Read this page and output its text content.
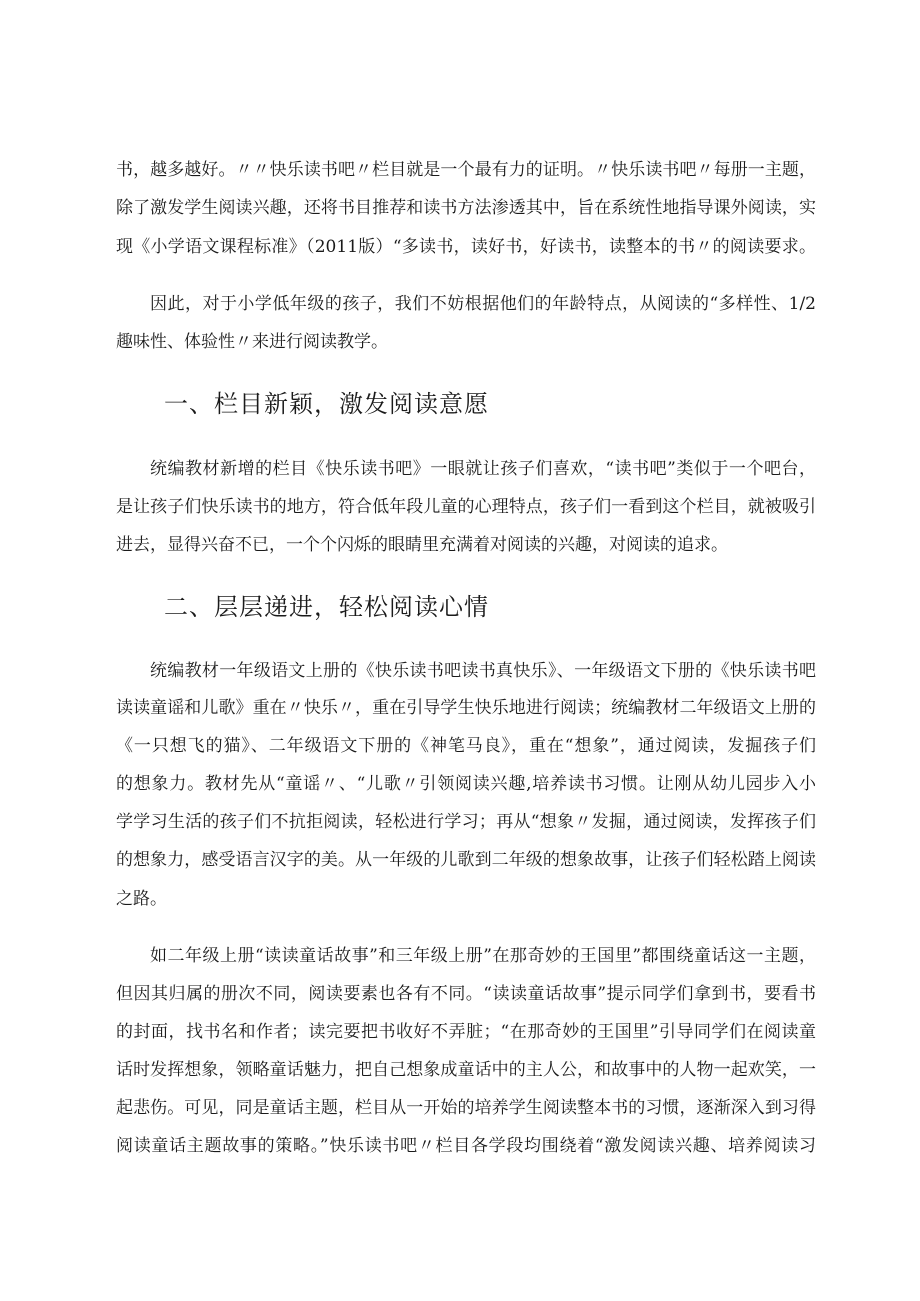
书，越多越好。〃〃快乐读书吧〃栏目就是一个最有力的证明。〃快乐读书吧〃每册一主题，
除了激发学生阅读兴趣，还将书目推荐和读书方法渗透其中，旨在系统性地指导课外阅读，实
现《小学语文课程标准》（2011版）“多读书，读好书，好读书，读整本的书〃的阅读要求。
因此，对于小学低年级的孩子，我们不妨根据他们的年龄特点，从阅读的“多样性、1/2
趣味性、体验性〃来进行阅读教学。
一、栏目新颖，激发阅读意愿
统编教材新增的栏目《快乐读书吧》一眼就让孩子们喜欢，“读书吧”类似于一个吧台，
是让孩子们快乐读书的地方，符合低年段儿童的心理特点，孩子们一看到这个栏目，就被吸引
进去，显得兴奋不已，一个个闪烁的眼睛里充满着对阅读的兴趣，对阅读的追求。
二、层层递进，轻松阅读心情
统编教材一年级语文上册的《快乐读书吧读书真快乐》、一年级语文下册的《快乐读书吧
读读童谣和儿歌》重在〃快乐〃，重在引导学生快乐地进行阅读；统编教材二年级语文上册的
《一只想飞的猫》、二年级语文下册的《神笔马良》，重在“想象”，通过阅读，发掘孩子们
的想象力。教材先从“童谣〃、“儿歌〃引领阅读兴趣,培养读书习惯。让刚从幼儿园步入小
学学习生活的孩子们不抗拒阅读，轻松进行学习；再从“想象〃发掘，通过阅读，发挥孩子们
的想象力，感受语言汉字的美。从一年级的儿歌到二年级的想象故事，让孩子们轻松踏上阅读
之路。
如二年级上册“读读童话故事”和三年级上册”在那奇妙的王国里”都围绕童话这一主题，
但因其归属的册次不同，阅读要素也各有不同。“读读童话故事”提示同学们拿到书，要看书
的封面，找书名和作者；读完要把书收好不弄脏；“在那奇妙的王国里”引导同学们在阅读童
话时发挥想象，领略童话魅力，把自己想象成童话中的主人公，和故事中的人物一起欢笑，一
起悲伤。可见，同是童话主题，栏目从一开始的培养学生阅读整本书的习惯，逐渐深入到习得
阅读童话主题故事的策略。”快乐读书吧〃栏目各学段均围绕着“激发阅读兴趣、培养阅读习
